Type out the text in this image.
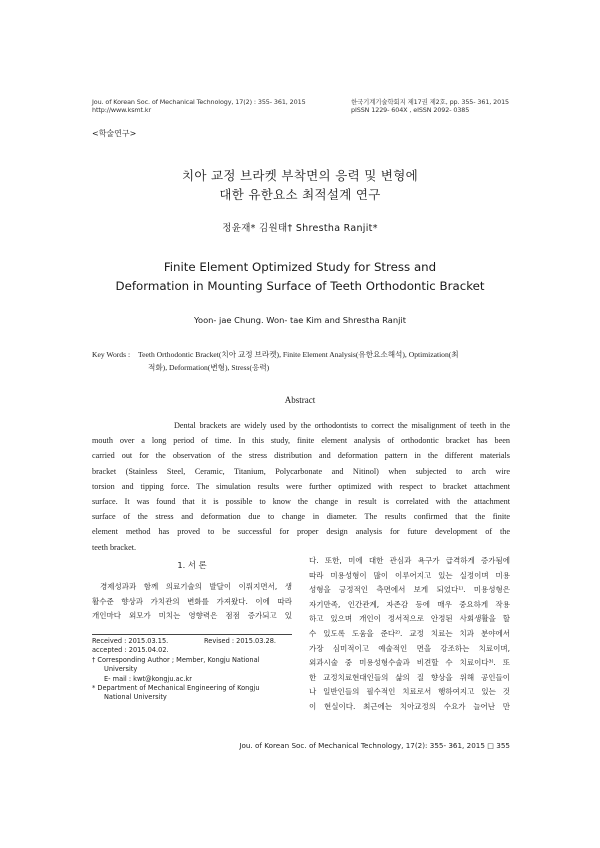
Jou. of Korean Soc. of Mechanical Technology, 17(2) : 355- 361, 2015
http://www.ksmt.kr
한국기계기술학회지 제17권 제2호, pp. 355- 361, 2015
pISSN 1229- 604X , eISSN 2092- 0385
<학술연구>
치아 교정 브라켓 부착면의 응력 및 변형에
대한 유한요소 최적설계 연구
정윤재* 김원태† Shrestha Ranjit*
Finite Element Optimized Study for Stress and
Deformation in Mounting Surface of Teeth Orthodontic Bracket
Yoon- jae Chung. Won- tae Kim and Shrestha Ranjit
Key Words : Teeth Orthodontic Bracket(치아 교정 브라켓), Finite Element Analysis(유한요소해석), Optimization(최
적화), Deformation(변형), Stress(응력)
Abstract
Dental brackets are widely used by the orthodontists to correct the misalignment of teeth in the
mouth over a long period of time. In this study, finite element analysis of orthodontic bracket has been
carried out for the observation of the stress distribution and deformation pattern in the different materials
bracket (Stainless Steel, Ceramic, Titanium, Polycarbonate and Nitinol) when subjected to arch wire
torsion and tipping force. The simulation results were further optimized with respect to bracket attachment
surface. It was found that it is possible to know the change in result is correlated with the attachment
surface of the stress and deformation due to change in diameter. The results confirmed that the finite
element method has proved to be successful for proper design analysis for future development of the
teeth bracket.
1. 서 론
경제성과과 함께 의료기술의 발달이 이뤄지면서, 생
활수준 향상과 가치관의 변화를 가져왔다. 이에 따라
개인마다 외모가 미치는 영향력은 점점 증가되고 있
Received : 2015.03.15.	Revised : 2015.03.28.
accepted : 2015.04.02.
† Corresponding Author ; Member, Kongju National
University
E- mail : kwt@kongju.ac.kr
* Department of Mechanical Engineering of Kongju
National University
다. 또한, 미에 대한 관심과 욕구가 급격하게 증가됨에
따라 미용성형이 많이 이루어지고 있는 실정이며 미용
성형을 긍정적인 측면에서 보게 되었다¹⁾. 미용성형은
자기만족, 인간관계, 자존감 등에 매우 중요하게 작용
하고 있으며 개인이 정서적으로 안정된 사회생활을 할
수 있도록 도움을 준다²⁾. 교정 치료는 치과 분야에서
가장 심미적이고 예술적인 면을 강조하는 치료이며,
외과시술 중 미용성형수술과 비견할 수 치료이다³⁾. 또
한 교정치료현대인들의 삶의 질 향상을 위해 공인들이
나 일반인들의 필수적인 치료로서 행하여지고 있는 것
이 현실이다. 최근에는 치아교정의 수요가 늘어난 만
Jou. of Korean Soc. of Mechanical Technology, 17(2): 355- 361, 2015 □ 355
